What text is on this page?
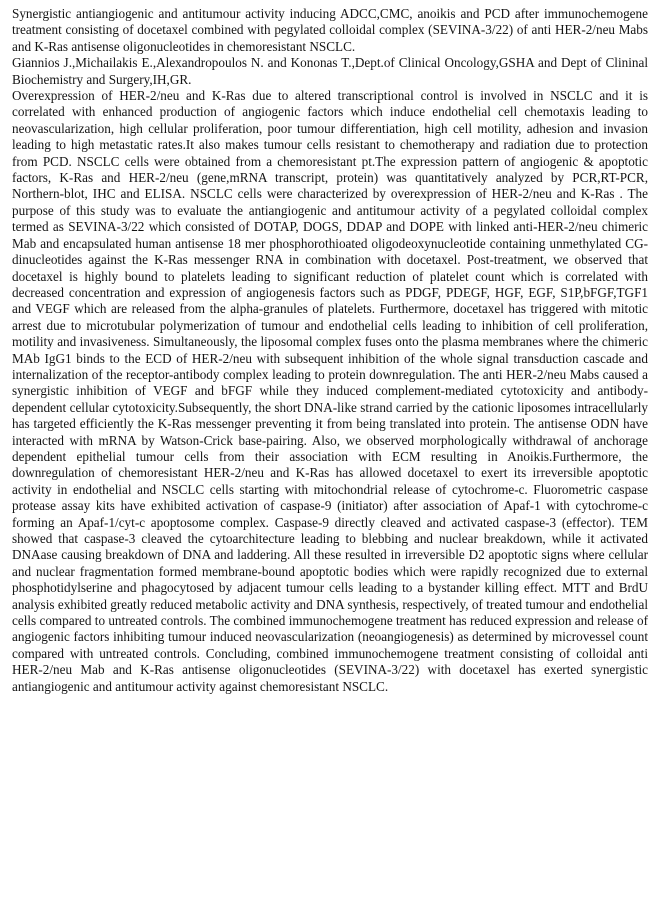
Synergistic antiangiogenic and antitumour activity inducing ADCC,CMC, anoikis and PCD after immunochemogene treatment consisting of docetaxel combined with pegylated colloidal complex (SEVINA-3/22) of anti HER-2/neu Mabs and K-Ras antisense oligonucleotides in chemoresistant NSCLC.

Giannios J.,Michailakis E.,Alexandropoulos N. and Kononas T.,Dept.of Clinical Oncology,GSHA and Dept of Clininal Biochemistry and Surgery,IH,GR.

Overexpression of HER-2/neu and K-Ras due to altered transcriptional control is involved in NSCLC and it is correlated with enhanced production of angiogenic factors which induce endothelial cell chemotaxis leading to neovascularization, high cellular proliferation, poor tumour differentiation, high cell motility, adhesion and invasion leading to high metastatic rates.It also makes tumour cells resistant to chemotherapy and radiation due to protection from PCD. NSCLC cells were obtained from a chemoresistant pt.The expression pattern of angiogenic & apoptotic factors, K-Ras and HER-2/neu (gene,mRNA transcript, protein) was quantitatively analyzed by PCR,RT-PCR, Northern-blot, IHC and ELISA. NSCLC cells were characterized by overexpression of HER-2/neu and K-Ras . The purpose of this study was to evaluate the antiangiogenic and antitumour activity of a pegylated colloidal complex termed as SEVINA-3/22 which consisted of DOTAP, DOGS, DDAP and DOPE with linked anti-HER-2/neu chimeric Mab and encapsulated human antisense 18 mer phosphorothioated oligodeoxynucleotide containing unmethylated CG-dinucleotides against the K-Ras messenger RNA in combination with docetaxel. Post-treatment, we observed that docetaxel is highly bound to platelets leading to significant reduction of platelet count which is correlated with decreased concentration and expression of angiogenesis factors such as PDGF, PDEGF, HGF, EGF, S1P,bFGF,TGF1 and VEGF which are released from the alpha-granules of platelets. Furthermore, docetaxel has triggered with mitotic arrest due to microtubular polymerization of tumour and endothelial cells leading to inhibition of cell proliferation, motility and invasiveness. Simultaneously, the liposomal complex fuses onto the plasma membranes where the chimeric MAb IgG1 binds to the ECD of HER-2/neu with subsequent inhibition of the whole signal transduction cascade and internalization of the receptor-antibody complex leading to protein downregulation. The anti HER-2/neu Mabs caused a synergistic inhibition of VEGF and bFGF while they induced complement-mediated cytotoxicity and antibody-dependent cellular cytotoxicity.Subsequently, the short DNA-like strand carried by the cationic liposomes intracellularly has targeted efficiently the K-Ras messenger preventing it from being translated into protein. The antisense ODN have interacted with mRNA by Watson-Crick base-pairing. Also, we observed morphologically withdrawal of anchorage dependent epithelial tumour cells from their association with ECM resulting in Anoikis.Furthermore, the downregulation of chemoresistant HER-2/neu and K-Ras has allowed docetaxel to exert its irreversible apoptotic activity in endothelial and NSCLC cells starting with mitochondrial release of cytochrome-c. Fluorometric caspase protease assay kits have exhibited activation of caspase-9 (initiator) after association of Apaf-1 with cytochrome-c forming an Apaf-1/cyt-c apoptosome complex. Caspase-9 directly cleaved and activated caspase-3 (effector). TEM showed that caspase-3 cleaved the cytoarchitecture leading to blebbing and nuclear breakdown, while it activated DNAase causing breakdown of DNA and laddering. All these resulted in irreversible D2 apoptotic signs where cellular and nuclear fragmentation formed membrane-bound apoptotic bodies which were rapidly recognized due to external phosphotidylserine and phagocytosed by adjacent tumour cells leading to a bystander killing effect. MTT and BrdU analysis exhibited greatly reduced metabolic activity and DNA synthesis, respectively, of treated tumour and endothelial cells compared to untreated controls. The combined immunochemogene treatment has reduced expression and release of angiogenic factors inhibiting tumour induced neovascularization (neoangiogenesis) as determined by microvessel count compared with untreated controls. Concluding, combined immunochemogene treatment consisting of colloidal anti HER-2/neu Mab and K-Ras antisense oligonucleotides (SEVINA-3/22) with docetaxel has exerted synergistic antiangiogenic and antitumour activity against chemoresistant NSCLC.
